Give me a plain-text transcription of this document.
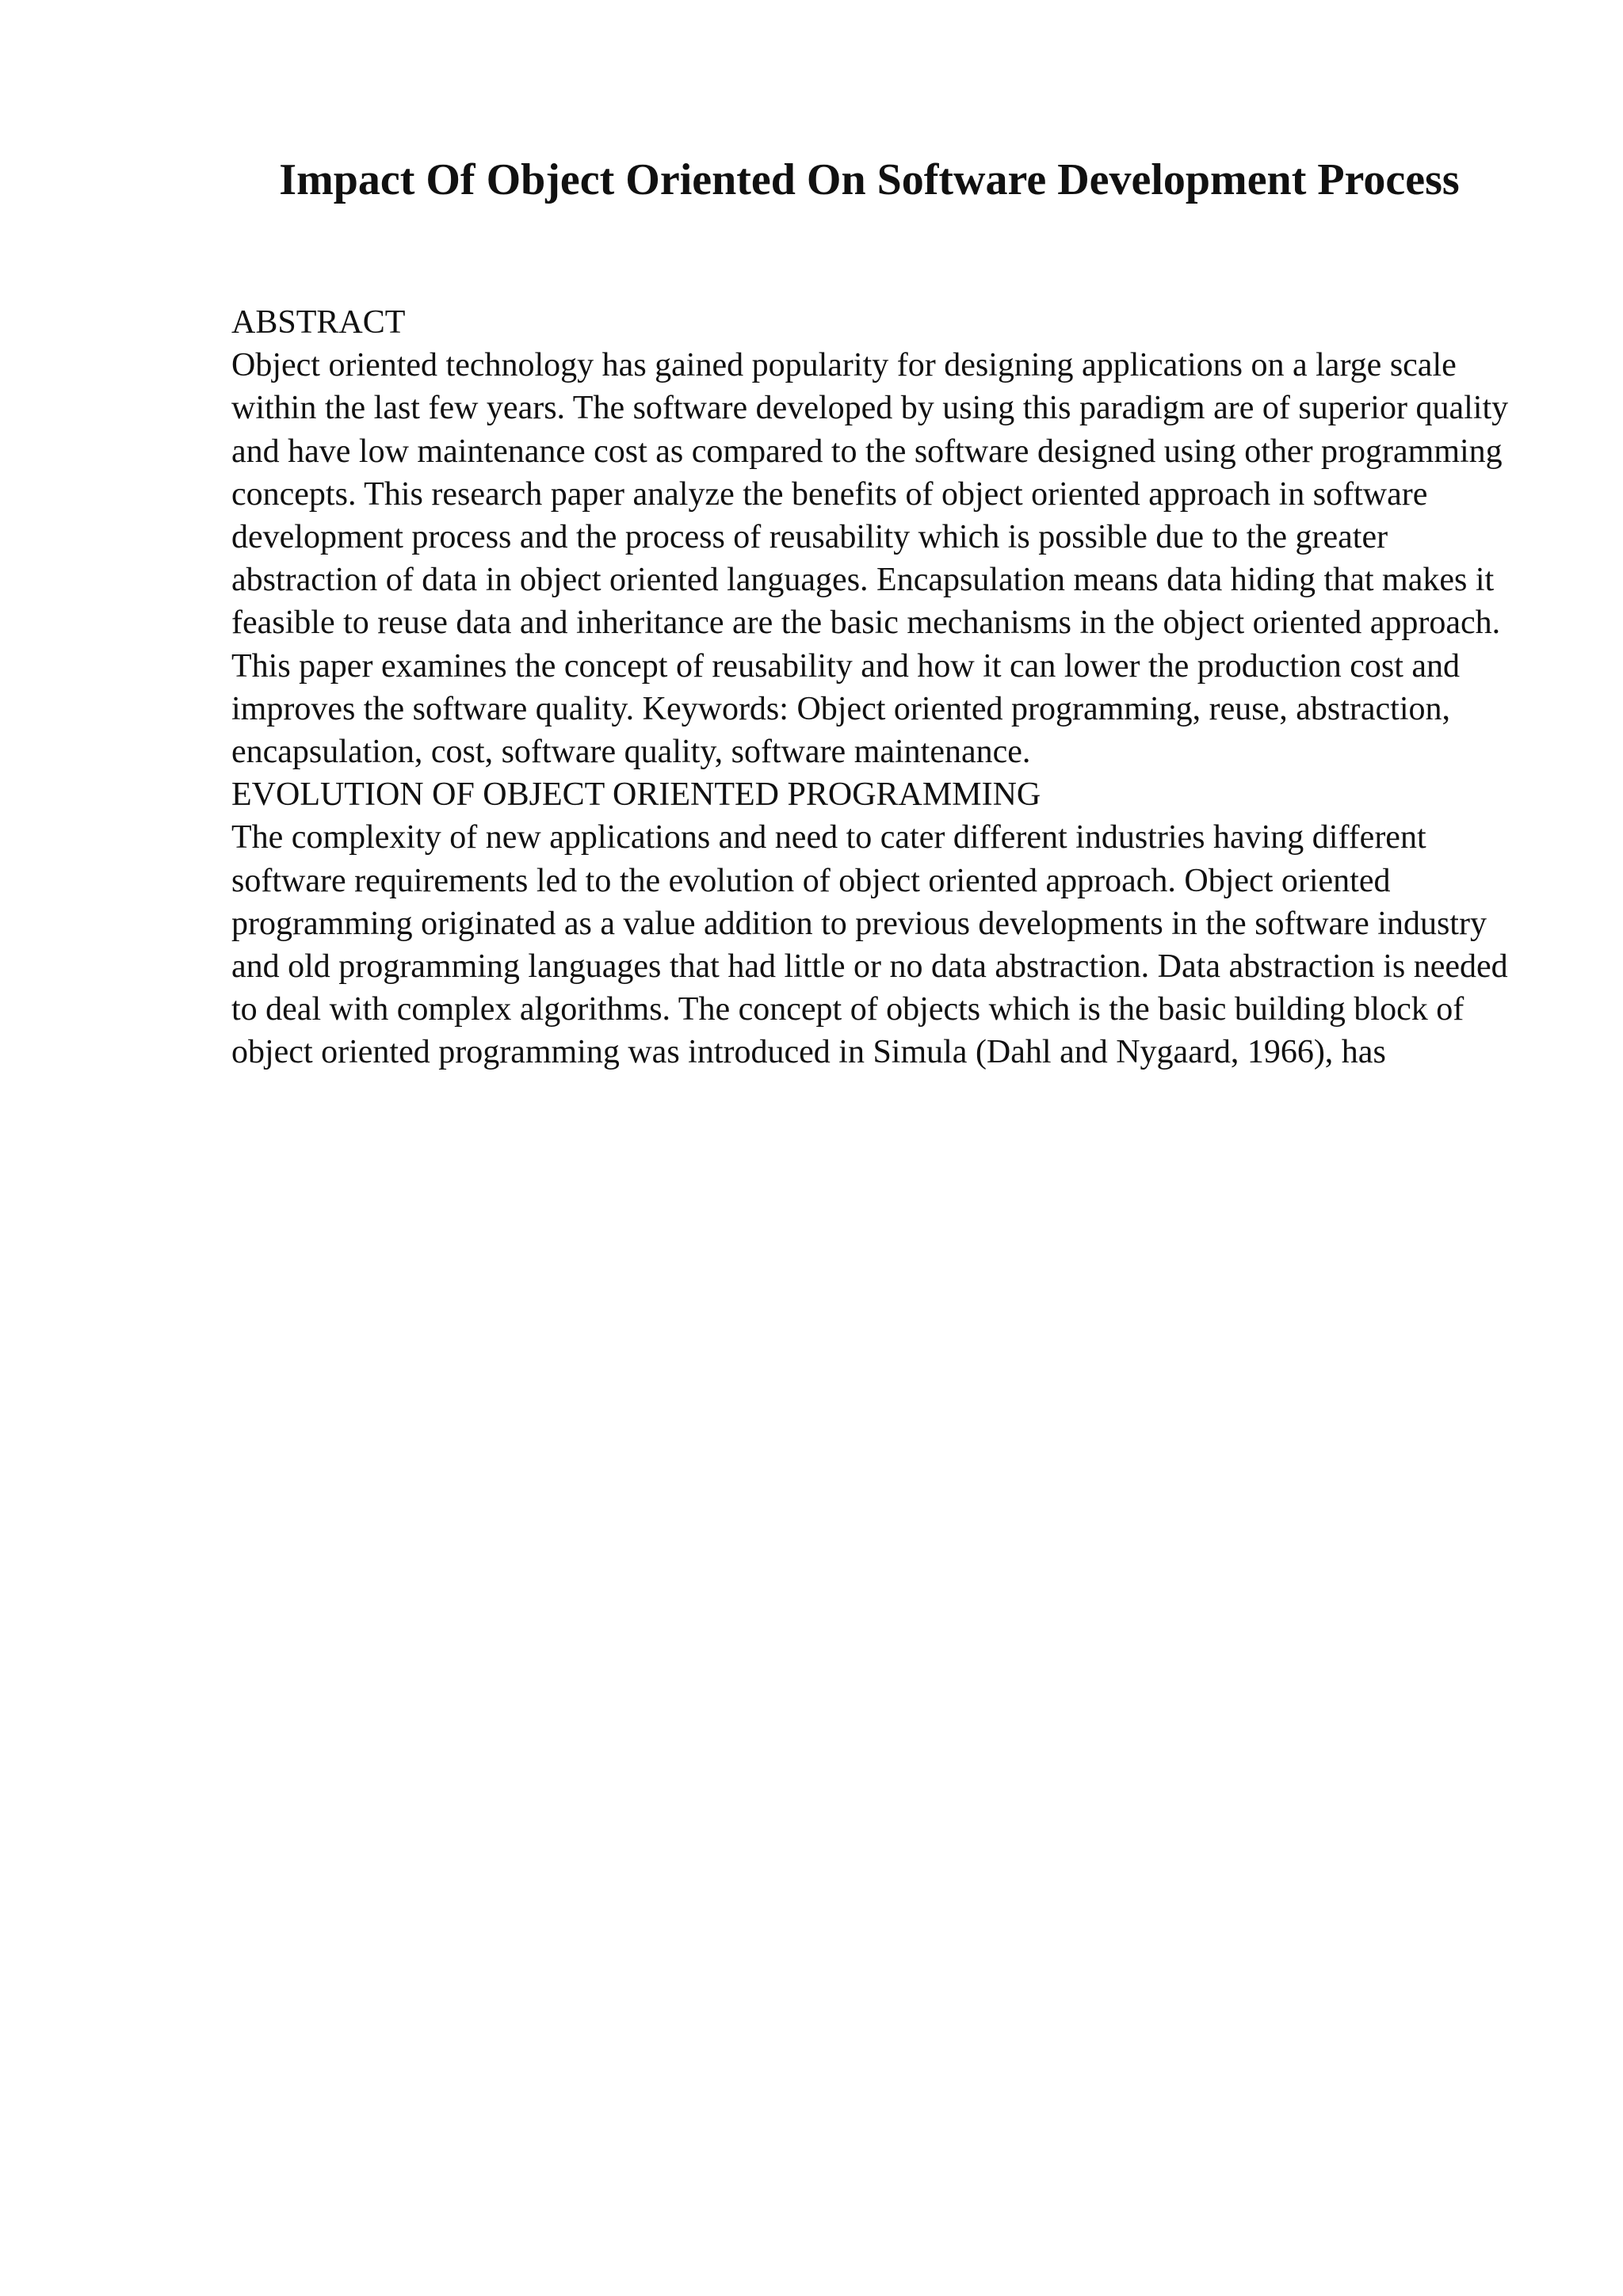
Impact Of Object Oriented On Software Development Process
ABSTRACT

Object oriented technology has gained popularity for designing applications on a large scale within the last few years. The software developed by using this paradigm are of superior quality and have low maintenance cost as compared to the software designed using other programming concepts. This research paper analyze the benefits of object oriented approach in software development process and the process of reusability which is possible due to the greater abstraction of data in object oriented languages. Encapsulation means data hiding that makes it feasible to reuse data and inheritance are the basic mechanisms in the object oriented approach. This paper examines the concept of reusability and how it can lower the production cost and improves the software quality. Keywords: Object oriented programming, reuse, abstraction, encapsulation, cost, software quality, software maintenance.

EVOLUTION OF OBJECT ORIENTED PROGRAMMING

The complexity of new applications and need to cater different industries having different software requirements led to the evolution of object oriented approach. Object oriented programming originated as a value addition to previous developments in the software industry and old programming languages that had little or no data abstraction. Data abstraction is needed to deal with complex algorithms. The concept of objects which is the basic building block of object oriented programming was introduced in Simula (Dahl and Nygaard, 1966), has
